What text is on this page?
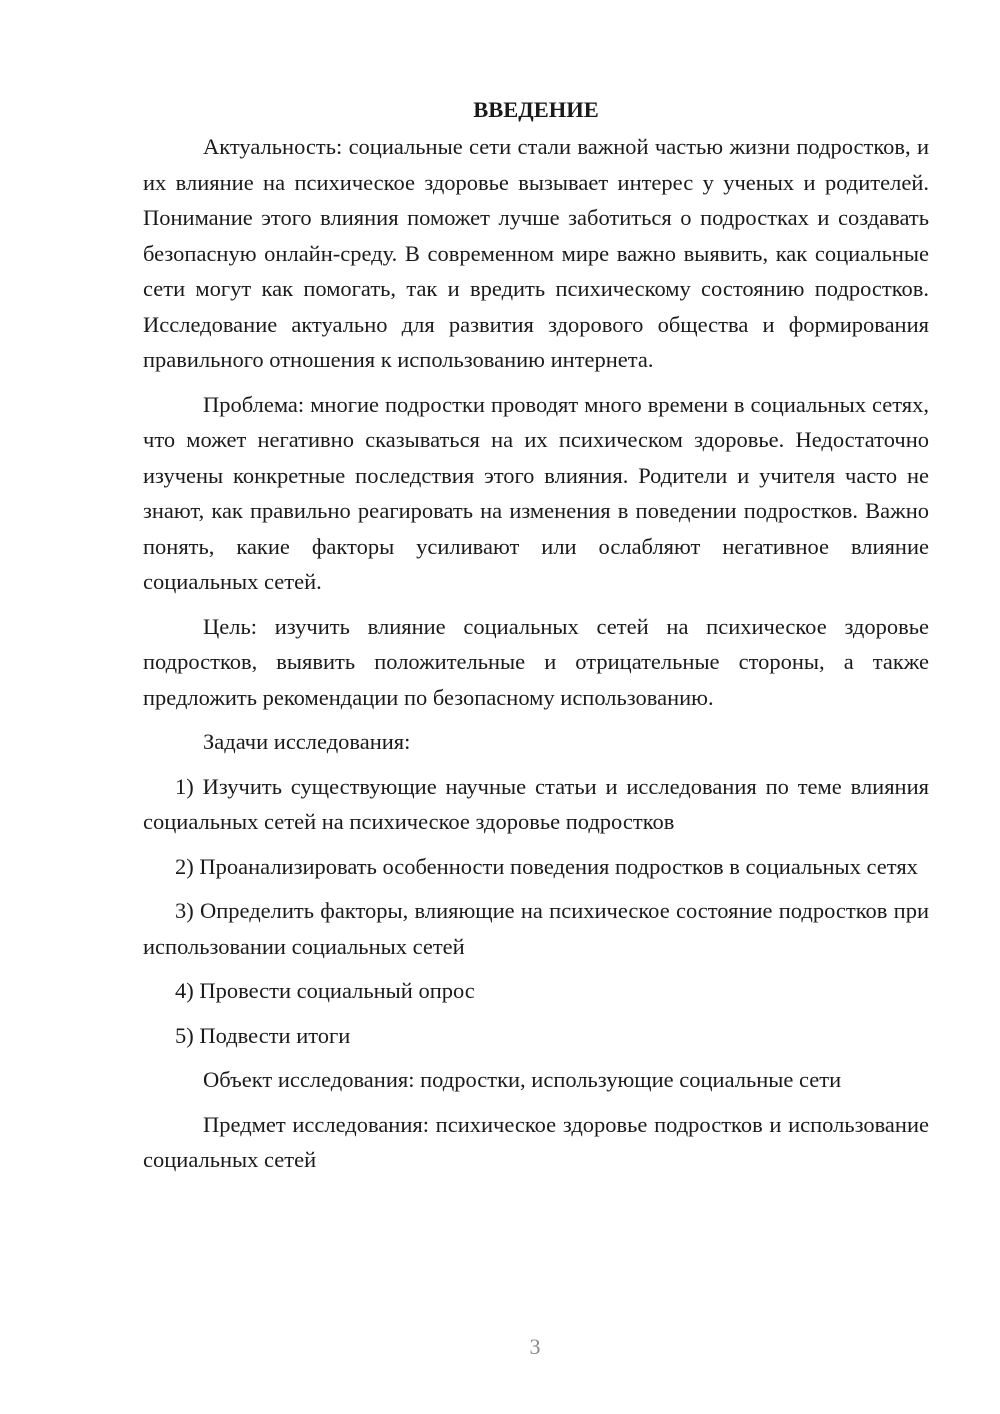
ВВЕДЕНИЕ

Актуальность: социальные сети стали важной частью жизни подростков, и их влияние на психическое здоровье вызывает интерес у ученых и родителей. Понимание этого влияния поможет лучше заботиться о подростках и создавать безопасную онлайн-среду. В современном мире важно выявить, как социальные сети могут как помогать, так и вредить психическому состоянию подростков. Исследование актуально для развития здорового общества и формирования правильного отношения к использованию интернета.

Проблема: многие подростки проводят много времени в социальных сетях, что может негативно сказываться на их психическом здоровье. Недостаточно изучены конкретные последствия этого влияния. Родители и учителя часто не знают, как правильно реагировать на изменения в поведении подростков. Важно понять, какие факторы усиливают или ослабляют негативное влияние социальных сетей.

Цель: изучить влияние социальных сетей на психическое здоровье подростков, выявить положительные и отрицательные стороны, а также предложить рекомендации по безопасному использованию.

Задачи исследования:

1) Изучить существующие научные статьи и исследования по теме влияния социальных сетей на психическое здоровье подростков

2) Проанализировать особенности поведения подростков в социальных сетях

3) Определить факторы, влияющие на психическое состояние подростков при использовании социальных сетей

4) Провести социальный опрос

5) Подвести итоги

Объект исследования: подростки, использующие социальные сети

Предмет исследования: психическое здоровье подростков и использование социальных сетей

3
